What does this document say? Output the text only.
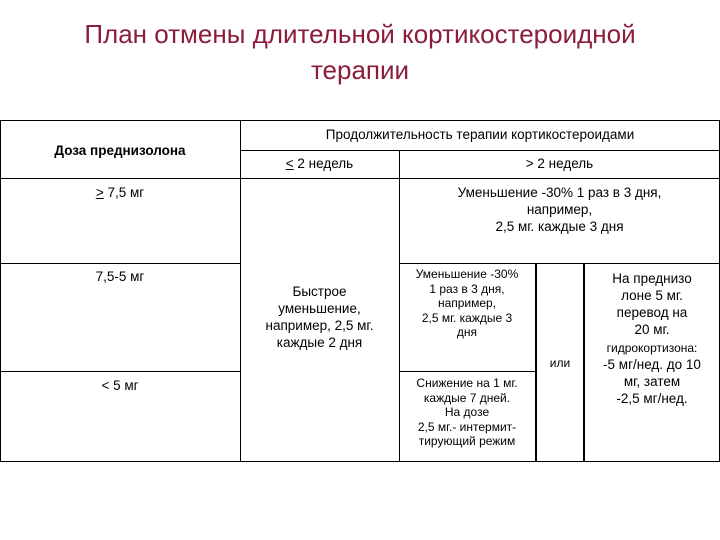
План отмены длительной кортикостероидной
терапии
Доза преднизолона
Продолжительность терапии кортикостероидами
< 2 недель	> 2 недель
> 7,5 мг
7,5-5 мг
< 5 мг
Быстрое
уменьшение,
например, 2,5 мг.
каждые 2 дня
Уменьшение -30% 1 раз в 3 дня,
например,
2,5 мг. каждые 3 дня
Уменьшение -30%
1 раз в 3 дня,
например,
2,5 мг. каждые 3
дня
Снижение на 1 мг.
каждые 7 дней.
На дозе
2,5 мг.- интермит-
тирующий режим
или
На преднизо
лоне 5 мг.
перевод на
20 мг.
гидрокортизона:
-5 мг/нед. до 10
мг, затем
-2,5 мг/нед.
